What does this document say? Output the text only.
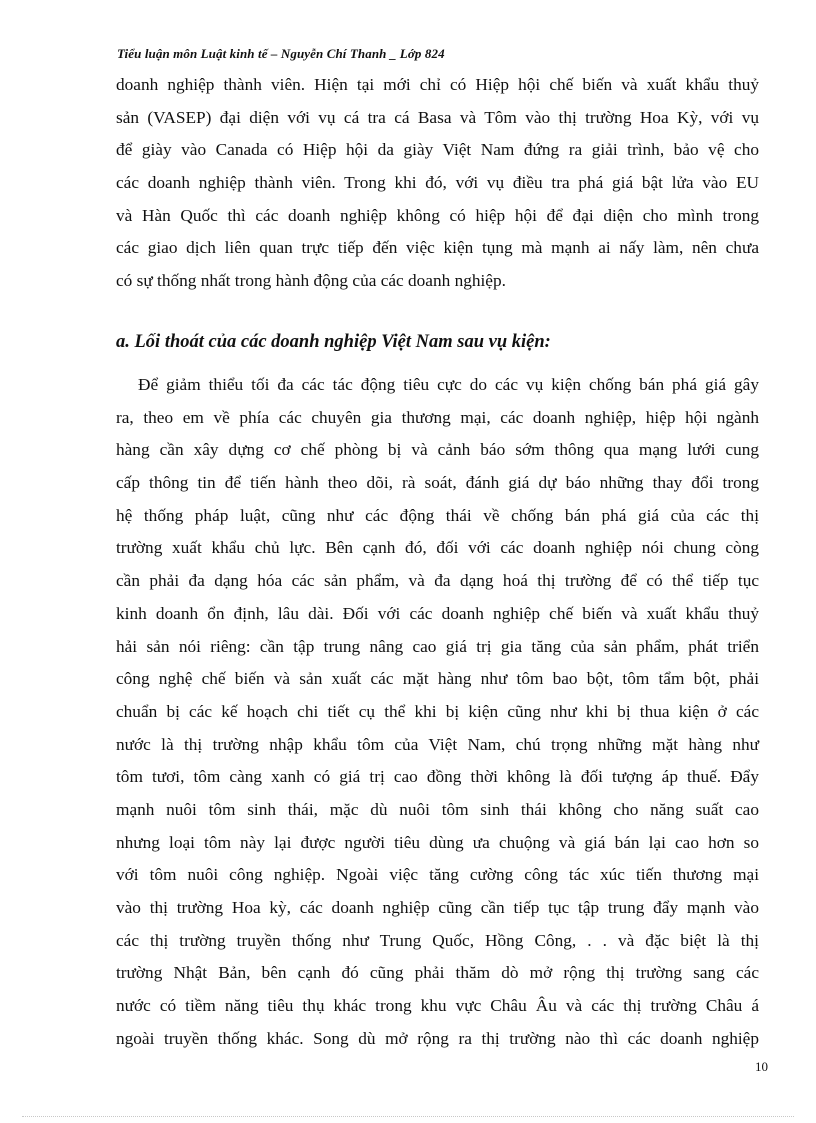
Tiểu luận môn Luật kinh tế – Nguyễn Chí Thanh _ Lớp 824
doanh nghiệp thành viên. Hiện tại mới chỉ có Hiệp hội chế biến và xuất khẩu thuỷ
sản (VASEP) đại diện với vụ cá tra cá Basa và Tôm vào thị trường Hoa Kỳ, với vụ
để giày vào Canada có Hiệp hội da giày Việt Nam đứng ra giải trình, bảo vệ cho
các doanh nghiệp thành viên. Trong khi đó, với vụ điều tra phá giá bật lửa vào EU
và Hàn Quốc thì các doanh nghiệp không có hiệp hội để đại diện cho mình trong
các giao dịch liên quan trực tiếp đến việc kiện tụng mà mạnh ai nấy làm, nên chưa
có sự thống nhất trong hành động của các doanh nghiệp.
a. Lối thoát của các doanh nghiệp Việt Nam sau vụ kiện:
Để giảm thiểu tối đa các tác động tiêu cực do các vụ kiện chống bán phá giá gây
ra, theo em về phía các chuyên gia thương mại, các doanh nghiệp, hiệp hội ngành
hàng cần xây dựng cơ chế phòng bị và cảnh báo sớm thông qua mạng lưới cung
cấp thông tin để tiến hành theo dõi, rà soát, đánh giá dự báo những thay đổi trong
hệ thống pháp luật, cũng như các động thái về chống bán phá giá của các thị
trường xuất khẩu chủ lực. Bên cạnh đó, đối với các doanh nghiệp nói chung còng
cần phải đa dạng hóa các sản phẩm, và đa dạng hoá thị trường để có thể tiếp tục
kinh doanh ổn định, lâu dài. Đối với các doanh nghiệp chế biến và xuất khẩu thuỷ
hải sản nói riêng: cần tập trung nâng cao giá trị gia tăng của sản phẩm, phát triển
công nghệ chế biến và sản xuất các mặt hàng như tôm bao bột, tôm tẩm bột, phải
chuẩn bị các kế hoạch chi tiết cụ thể khi bị kiện cũng như khi bị thua kiện ở các
nước là thị trường nhập khẩu tôm của Việt Nam, chú trọng những mặt hàng như
tôm tươi, tôm càng xanh có giá trị cao đồng thời không là đối tượng áp thuế. Đẩy
mạnh nuôi tôm sinh thái, mặc dù nuôi tôm sinh thái không cho năng suất cao
nhưng loại tôm này lại được người tiêu dùng ưa chuộng và giá bán lại cao hơn so
với tôm nuôi công nghiệp. Ngoài việc tăng cường công tác xúc tiến thương mại
vào thị trường Hoa kỳ, các doanh nghiệp cũng cần tiếp tục tập trung đẩy mạnh vào
các thị trường truyền thống như Trung Quốc, Hồng Công, . . và đặc biệt là thị
trường Nhật Bản, bên cạnh đó cũng phải thăm dò mở rộng thị trường sang các
nước có tiềm năng tiêu thụ khác trong khu vực Châu Âu và các thị trường Châu á
ngoài truyền thống khác. Song dù mở rộng ra thị trường nào thì các doanh nghiệp
10
